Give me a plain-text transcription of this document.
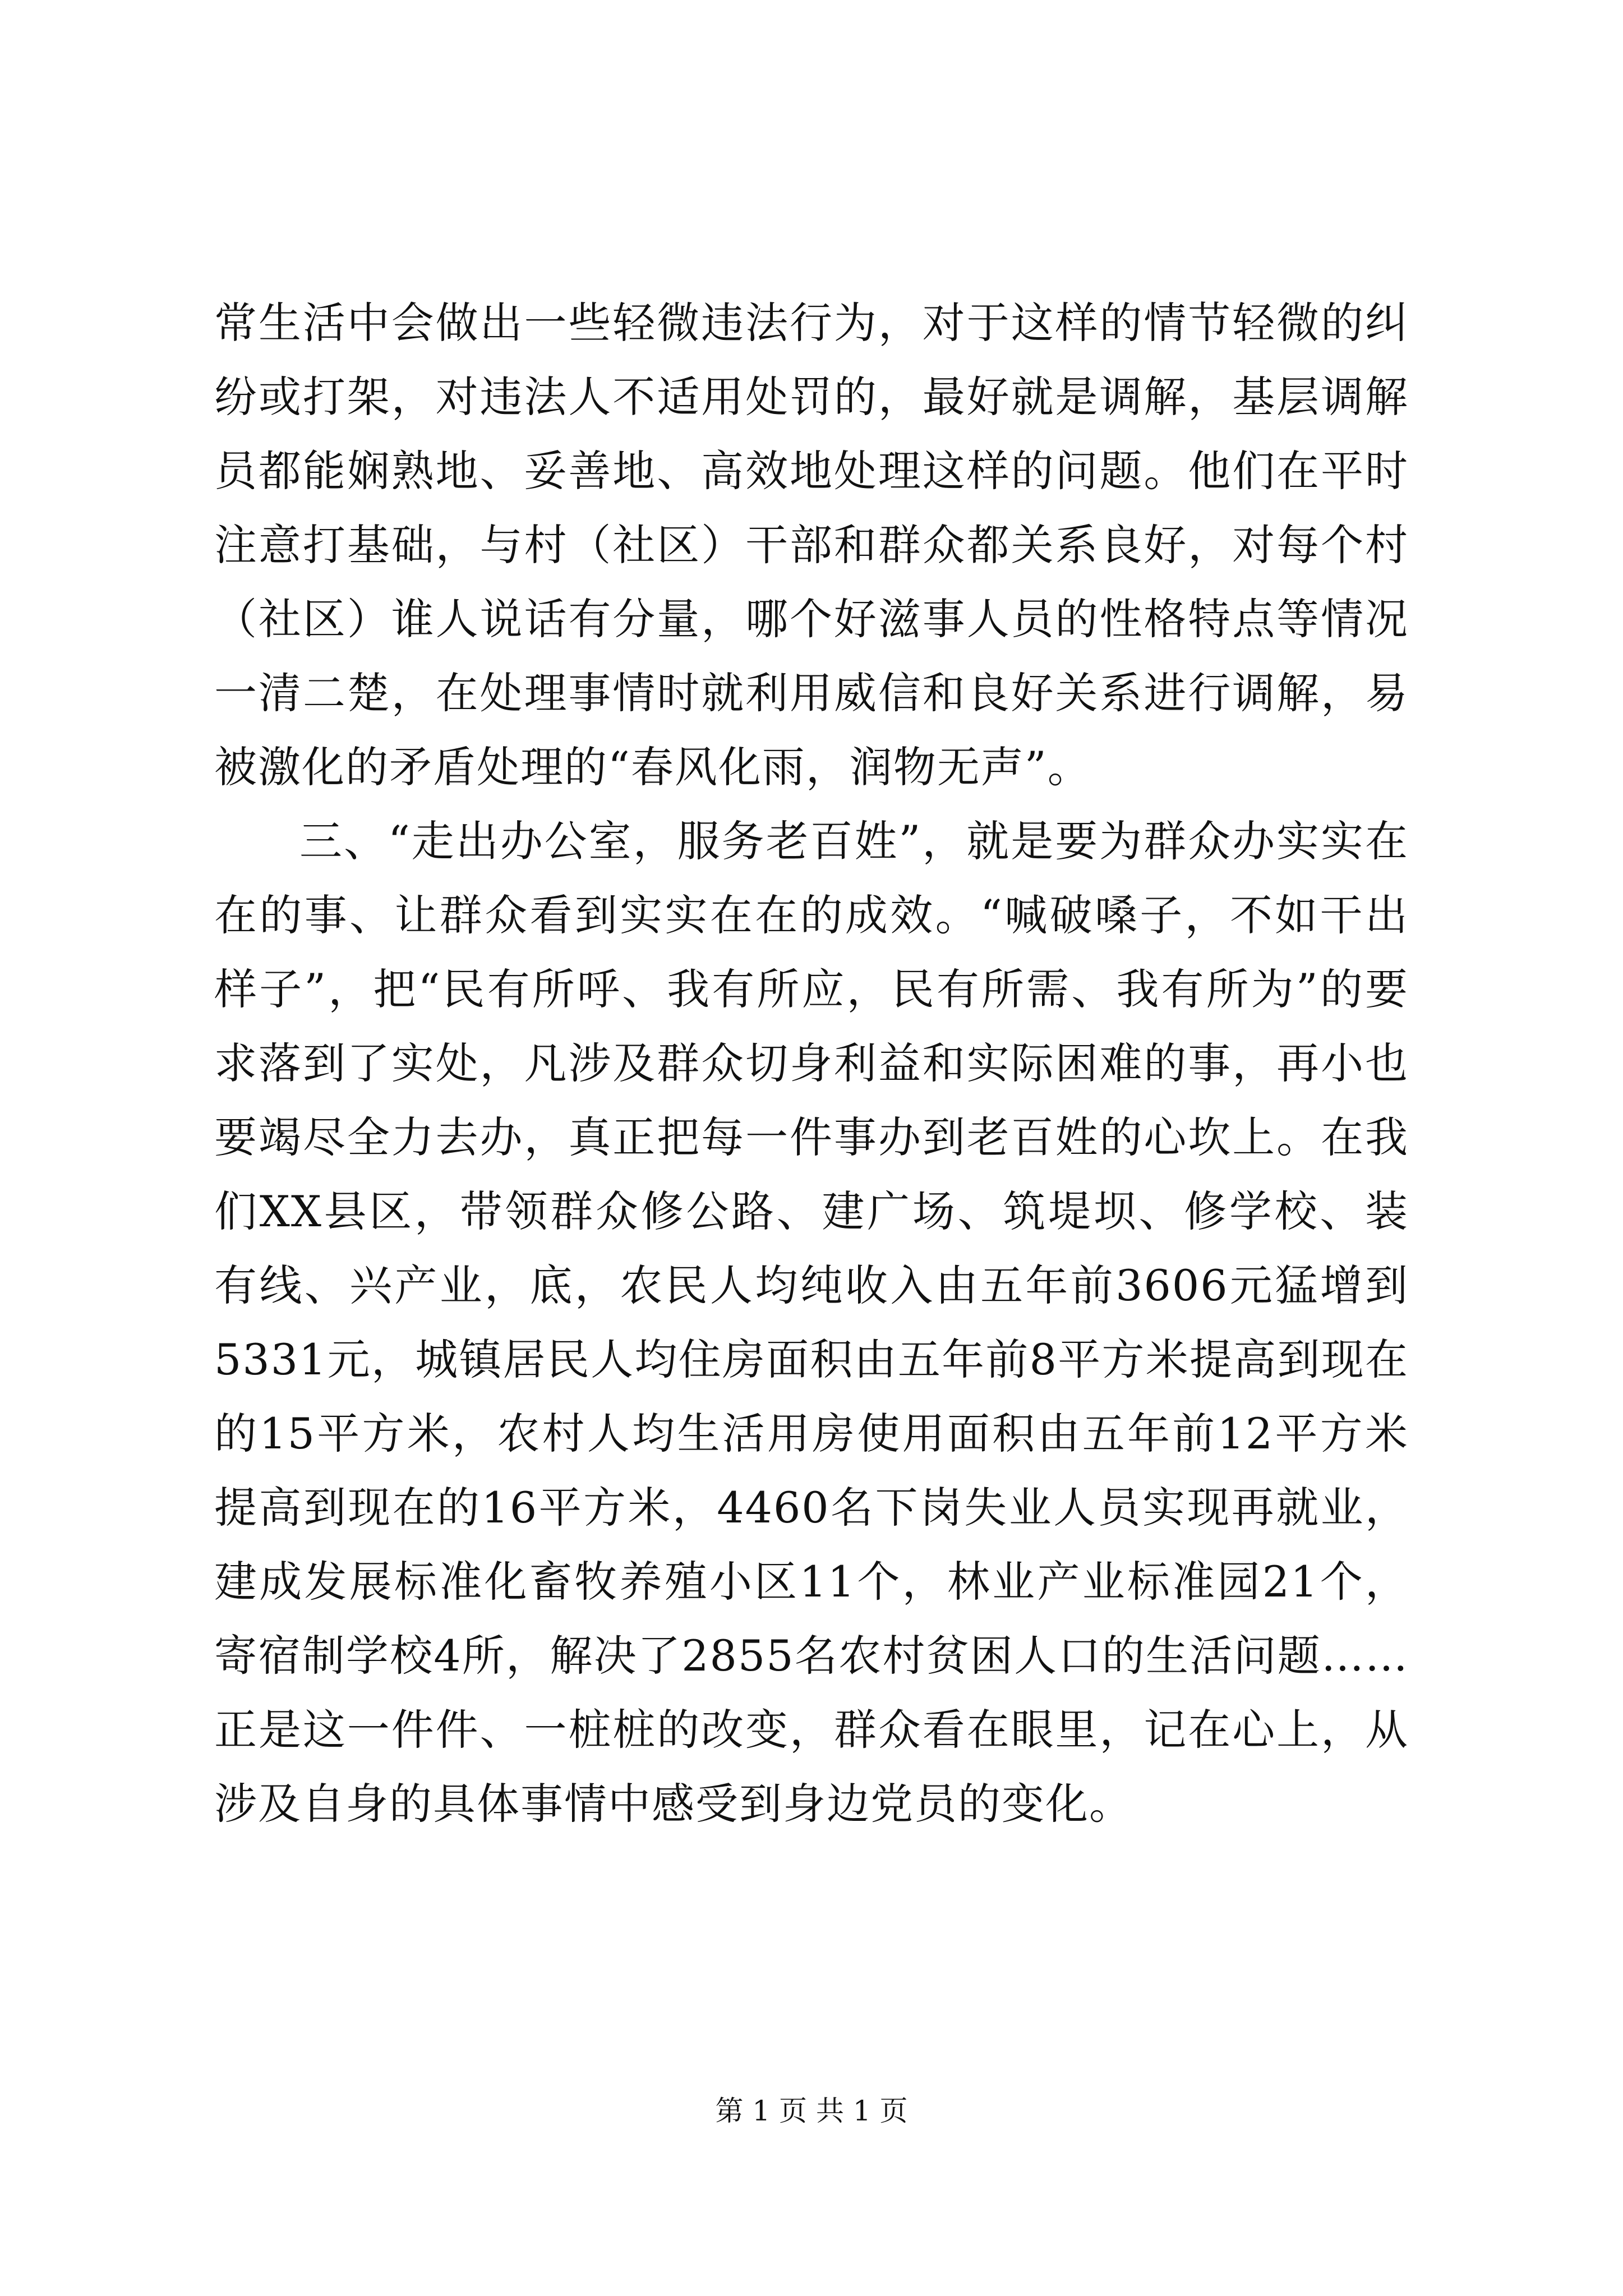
常生活中会做出一些轻微违法行为，对于这样的情节轻微的纠纷或打架，对违法人不适用处罚的，最好就是调解，基层调解员都能娴熟地、妥善地、高效地处理这样的问题。他们在平时注意打基础，与村（社区）干部和群众都关系良好，对每个村（社区）谁人说话有分量，哪个好滋事人员的性格特点等情况一清二楚，在处理事情时就利用威信和良好关系进行调解，易被激化的矛盾处理的“春风化雨，润物无声”。

三、“走出办公室，服务老百姓”，就是要为群众办实实在在的事、让群众看到实实在在的成效。“喊破嗓子，不如干出样子”，把“民有所呼、我有所应，民有所需、我有所为”的要求落到了实处，凡涉及群众切身利益和实际困难的事，再小也要竭尽全力去办，真正把每一件事办到老百姓的心坎上。在我们XX县区，带领群众修公路、建广场、筑堤坝、修学校、装有线、兴产业，底，农民人均纯收入由五年前3606元猛增到5331元，城镇居民人均住房面积由五年前8平方米提高到现在的15平方米，农村人均生活用房使用面积由五年前12平方米提高到现在的16平方米，4460名下岗失业人员实现再就业，建成发展标准化畜牧养殖小区11个，林业产业标准园21个，寄宿制学校4所，解决了2855名农村贫困人口的生活问题……正是这一件件、一桩桩的改变，群众看在眼里，记在心上，从涉及自身的具体事情中感受到身边党员的变化。

第 1 页 共 1 页
